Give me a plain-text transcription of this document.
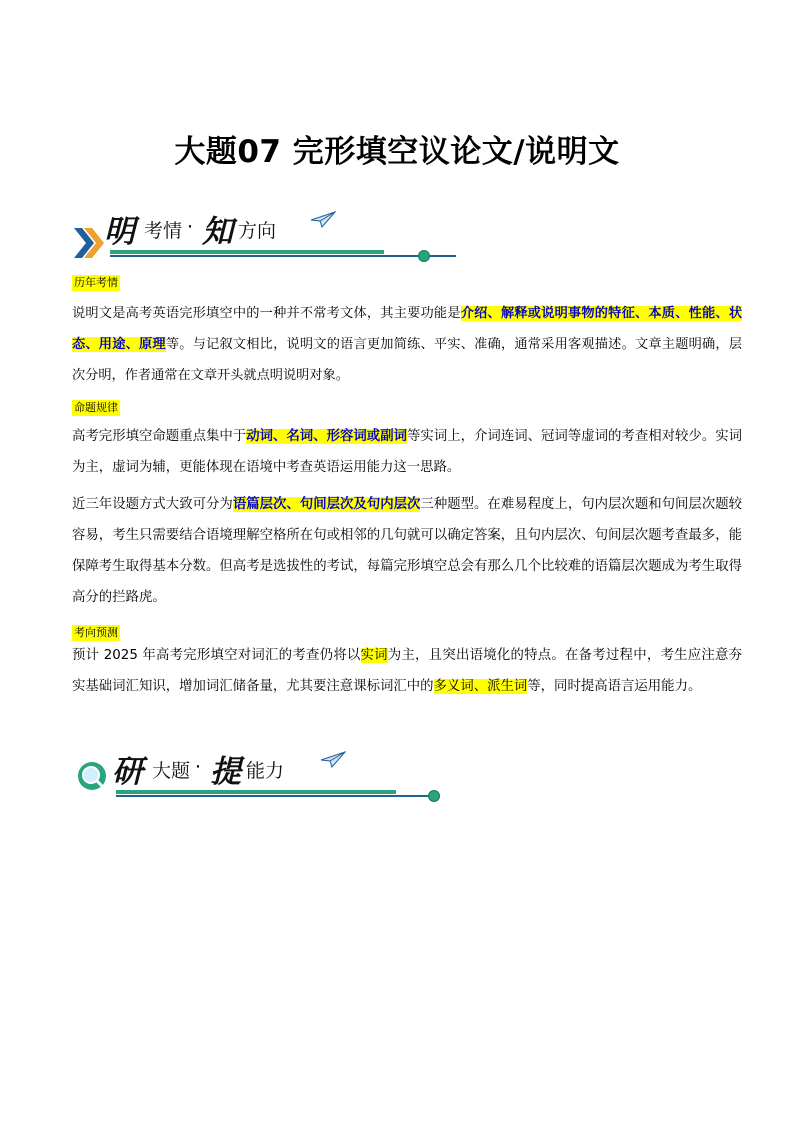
大题07 完形填空议论文/说明文
明 考情 · 知 方向
历年考情
说明文是高考英语完形填空中的一种并不常考文体，其主要功能是介绍、解释或说明事物的特征、本质、性能、状态、用途、原理等。与记叙文相比，说明文的语言更加简练、平实、准确，通常采用客观描述。文章主题明确，层次分明，作者通常在文章开头就点明说明对象。
命题规律
高考完形填空命题重点集中于动词、名词、形容词或副词等实词上，介词连词、冠词等虚词的考查相对较少。实词为主，虚词为辅，更能体现在语境中考查英语运用能力这一思路。
近三年设题方式大致可分为语篇层次、句间层次及句内层次三种题型。在难易程度上，句内层次题和句间层次题较容易，考生只需要结合语境理解空格所在句或相邻的几句就可以确定答案，且句内层次、句间层次题考查最多，能保障考生取得基本分数。但高考是选拔性的考试，每篇完形填空总会有那么几个比较难的语篇层次题成为考生取得高分的拦路虎。
考向预测
预计 2025 年高考完形填空对词汇的考查仍将以实词为主，且突出语境化的特点。在备考过程中，考生应注意夯实基础词汇知识，增加词汇储备量，尤其要注意课标词汇中的多义词、派生词等，同时提高语言运用能力。
研 大题 · 提 能力
